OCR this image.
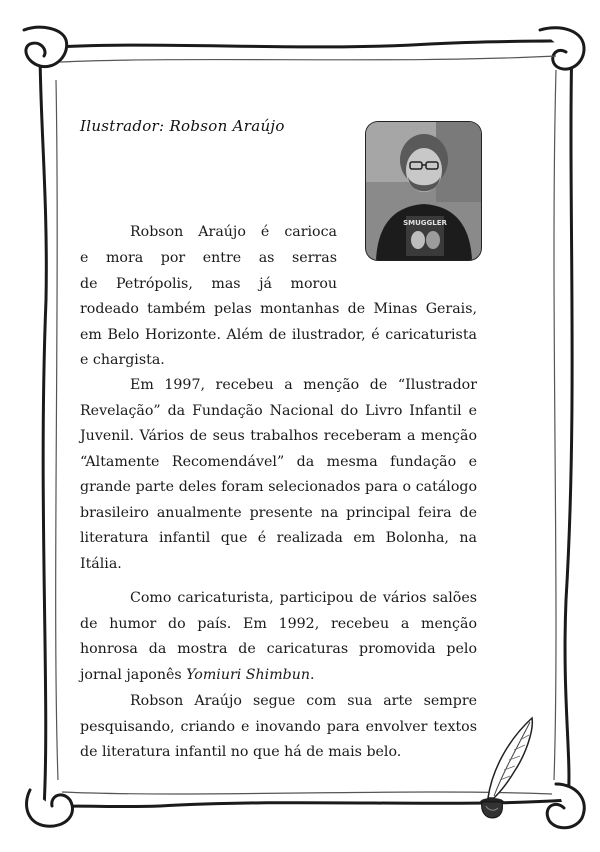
Ilustrador: Robson Araújo
SMUGGLER

Robson Araújo é carioca

e mora por entre as serras

de Petrópolis, mas já morou

rodeado também pelas montanhas de Minas Gerais, em Belo Horizonte. Além de ilustrador, é caricaturista e chargista.

Em 1997, recebeu a menção de “Ilustrador Revelação” da Fundação Nacional do Livro Infantil e Juvenil. Vários de seus trabalhos receberam a menção “Altamente Recomendável” da mesma fundação e grande parte deles foram selecionados para o catálogo brasileiro anualmente presente na principal feira de literatura infantil que é realizada em Bolonha, na Itália.

Como caricaturista, participou de vários salões de humor do país. Em 1992, recebeu a menção honrosa da mostra de caricaturas promovida pelo jornal japonês Yomiuri Shimbun.

Robson Araújo segue com sua arte sempre pesquisando, criando e inovando para envolver textos de literatura infantil no que há de mais belo.
